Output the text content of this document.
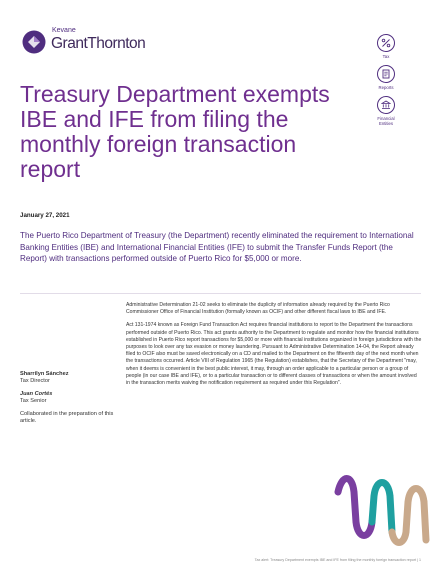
Kevane
GrantThornton
Tax
Reports
Financial Entities
Treasury Department exempts IBE and IFE from filing the monthly foreign transaction report
January 27, 2021

The Puerto Rico Department of Treasury (the Department) recently eliminated the requirement to International Banking Entities (IBE) and International Financial Entities (IFE) to submit the Transfer Funds Report (the Report) with transactions performed outside of Puerto Rico for $5,000 or more.

Administrative Determination 21-02 seeks to eliminate the duplicity of information already required by the Puerto Rico Commissioner Office of Financial Institution (formally known as OCIF) and other different fiscal laws to IBE and IFE.

Act 131-1974 known as Foreign Fund Transaction Act requires financial institutions to report to the Department the transactions performed outside of Puerto Rico. This act grants authority to the Department to regulate and monitor how the financial institutions established in Puerto Rico report transactions for $5,000 or more with financial institutions organized in foreign jurisdictions with the purposes to look over any tax evasion or money laundering. Pursuant to Administrative Determination 14-04, the Report already filed to OCIF also must be saved electronically on a CD and mailed to the Department on the fifteenth day of the next month when the transactions occurred. Article VIII of Regulation 1965 (the Regulation) establishes, that the Secretary of the Department "may, when it deems is convenient in the best public interest, it may, through an order applicable to a particular person or a group of people (in our case IBE and IFE), or to a particular transaction or to different classes of transactions or when the amount involved in the transaction merits waiving the notification requirement as required under this Regulation".

Sharrilyn Sánchez
Tax Director
Juan Cortés
Tax Senior
Collaborated in the preparation of this article.
Tax alert: Treasury Department exempts IBE and IFE from filing the monthly foreign transaction report | 1
